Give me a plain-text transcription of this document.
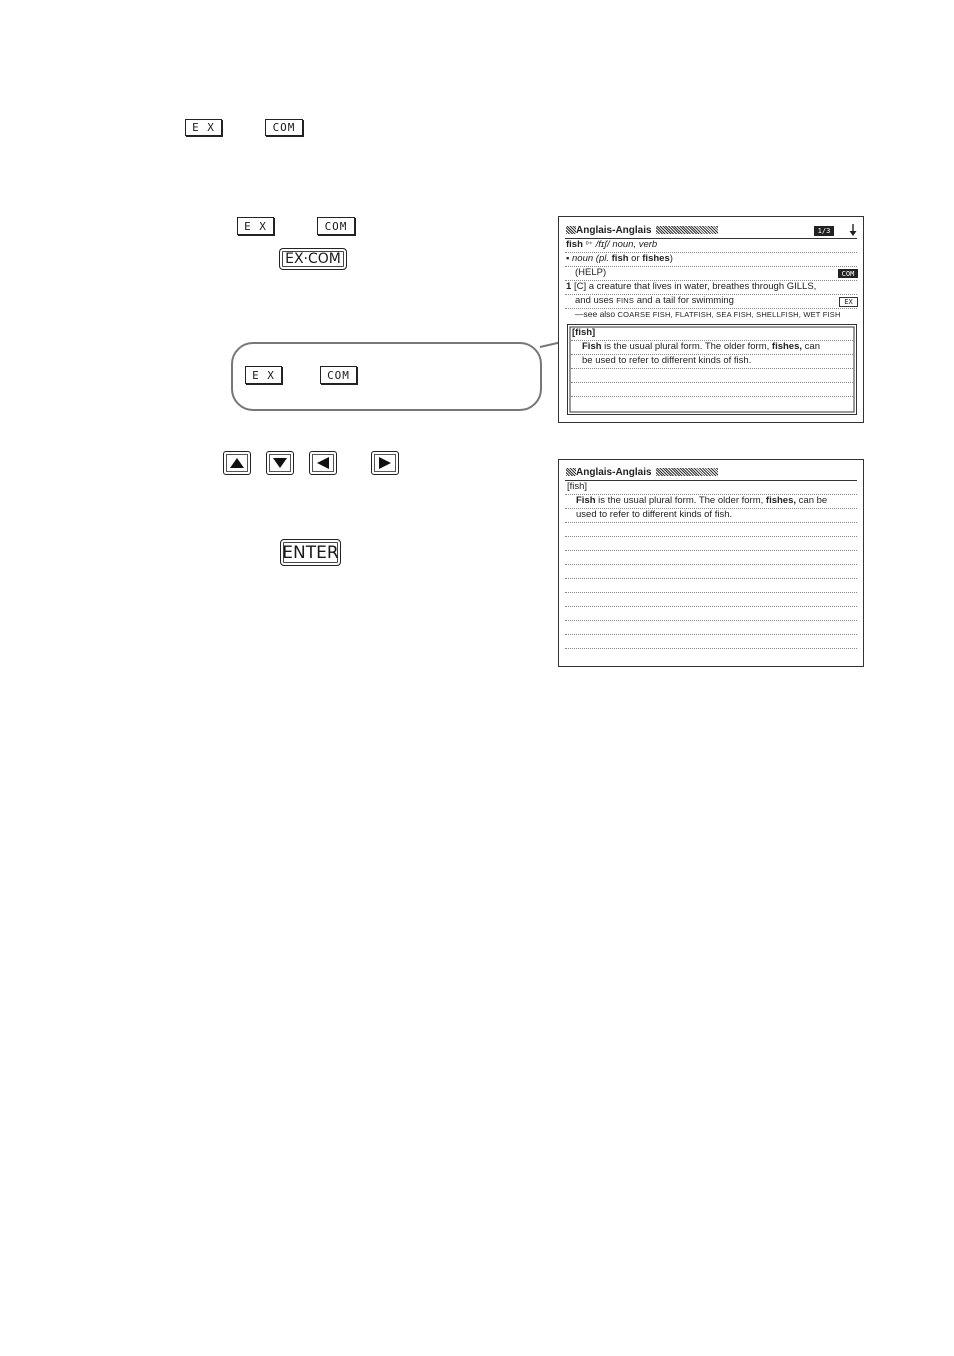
E X	COM
E X	COM
EX·COM
E X	COM
ENTER
Anglais-Anglais	1/3
fish ⁰⁺ /fɪʃ/ noun, verb
▪ noun (pl. fish or fishes)
(HELP)	COM
1 [C] a creature that lives in water, breathes through GILLS,
and uses FINS and a tail for swimming	EX
—see also COARSE FISH, FLATFISH, SEA FISH, SHELLFISH, WET FISH
[fish]
Fish is the usual plural form. The older form, fishes, can
be used to refer to different kinds of fish.
Anglais-Anglais
[fish]
Fish is the usual plural form. The older form, fishes, can be
used to refer to different kinds of fish.
